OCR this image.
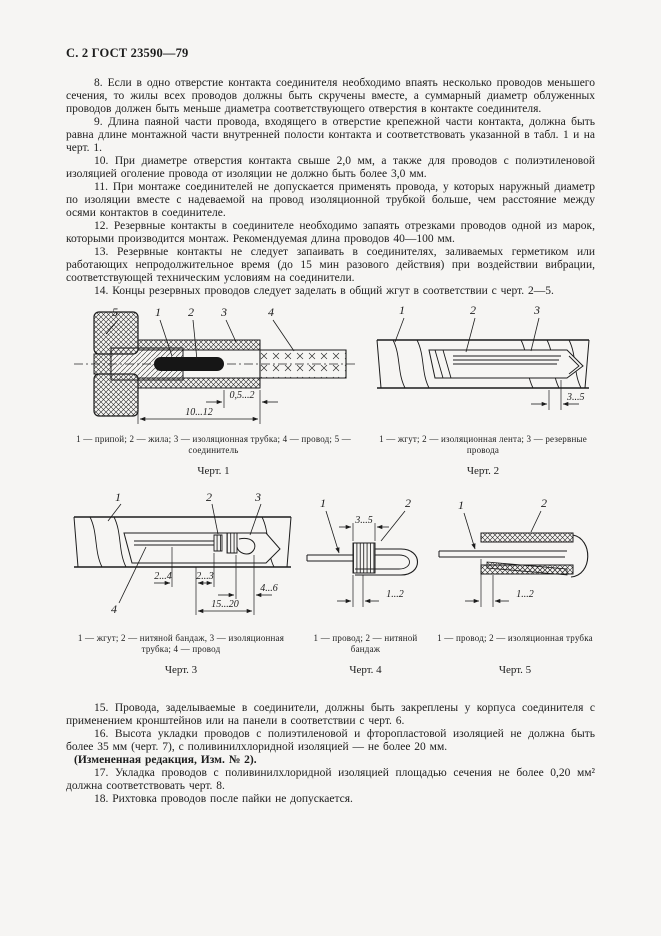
С. 2 ГОСТ 23590—79

8. Если в одно отверстие контакта соединителя необходимо впаять несколько проводов меньшего сечения, то жилы всех проводов должны быть скручены вместе, а суммарный диаметр облуженных проводов должен быть меньше диаметра соответствующего отверстия в контакте соединителя.

9. Длина паяной части провода, входящего в отверстие крепежной части контакта, должна быть равна длине монтажной части внутренней полости контакта и соответствовать указанной в табл. 1 и на черт. 1.

10. При диаметре отверстия контакта свыше 2,0 мм, а также для проводов с полиэтиленовой изоляцией оголение провода от изоляции не должно быть более 3,0 мм.

11. При монтаже соединителей не допускается применять провода, у которых наружный диаметр по изоляции вместе с надеваемой на провод изоляционной трубкой больше, чем расстояние между осями контактов в соединителе.

12. Резервные контакты в соединителе необходимо запаять отрезками проводов одной из марок, которыми производится монтаж. Рекомендуемая длина проводов 40—100 мм.

13. Резервные контакты не следует запаивать в соединителях, заливаемых герметиком или работающих непродолжительное время (до 15 мин разового действия) при воздействии вибрации, соответствующей техническим условиям на соединители.

14. Концы резервных проводов следует заделать в общий жгут в соответствии с черт. 2—5.

5	1 2 3	4
0,5...2
10...12
1 — припой; 2 — жила; 3 — изоляционная трубка; 4 — провод; 5 — соединитель
Черт. 1
1	2	3
3...5
1 — жгут; 2 — изоляционная лента; 3 — резервные провода
Черт. 2
1	2	3
4
2...4 2...3
4...6
15...20
1 — жгут; 2 — нитяной бандаж, 3 — изоляционная трубка; 4 — провод
Черт. 3
1	2
3...5
1...2
1 — провод; 2 — нитяной бандаж
Черт. 4
1	2
1...2
1 — провод; 2 — изоляционная трубка
Черт. 5

15. Провода, заделываемые в соединители, должны быть закреплены у корпуса соединителя с применением кронштейнов или на панели в соответствии с черт. 6.

16. Высота укладки проводов с полиэтиленовой и фторопластовой изоляцией не должна быть более 35 мм (черт. 7), с поливинилхлоридной изоляцией — не более 20 мм.

(Измененная редакция, Изм. № 2).

17. Укладка проводов с поливинилхлоридной изоляцией площадью сечения не более 0,20 мм² должна соответствовать черт. 8.

18. Рихтовка проводов после пайки не допускается.
